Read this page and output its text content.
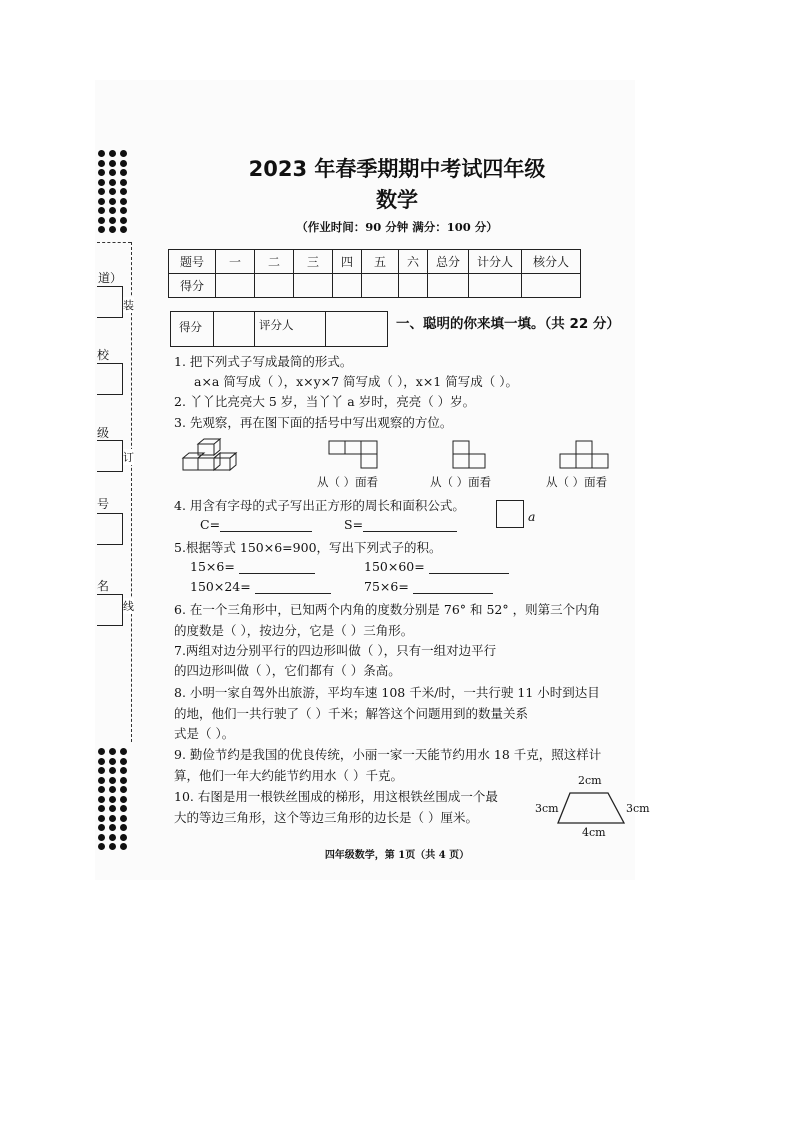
道）
校
级
号
名
装
订
线
2023 年春季期期中考试四年级
数学
（作业时间：90 分钟 满分：100 分）
题号	一	二	三	四	五	六	总分	计分人	核分人
得分									
得分	评分人	一、聪明的你来填一填。（共 22 分）
1. 把下列式子写成最简的形式。
a×a 简写成（ ），x×y×7 简写成（ ），x×1 简写成（ ）。
2. 丫丫比亮亮大 5 岁，当丫丫 a 岁时，亮亮（ ）岁。
3. 先观察，再在图下面的括号中写出观察的方位。
从（ ）面看	从（ ）面看	从（ ）面看
4. 用含有字母的式子写出正方形的周长和面积公式。
a
C=	S=
5.根据等式 150×6=900，写出下列式子的积。
15×6=	150×60=
150×24=	75×6=
6. 在一个三角形中，已知两个内角的度数分别是 76° 和 52° ，则第三个内角
的度数是（ ），按边分，它是（ ）三角形。
7.两组对边分别平行的四边形叫做（ ），只有一组对边平行
的四边形叫做（ ），它们都有（ ）条高。
8. 小明一家自驾外出旅游，平均车速 108 千米/时，一共行驶 11 小时到达目
的地，他们一共行驶了（ ）千米；解答这个问题用到的数量关系
式是（ ）。
9. 勤俭节约是我国的优良传统，小丽一家一天能节约用水 18 千克，照这样计
算，他们一年大约能节约用水（ ）千克。
10. 右图是用一根铁丝围成的梯形，用这根铁丝围成一个最
大的等边三角形，这个等边三角形的边长是（ ）厘米。
2cm
3cm	3cm
4cm
四年级数学，第 1页（共 4 页）
